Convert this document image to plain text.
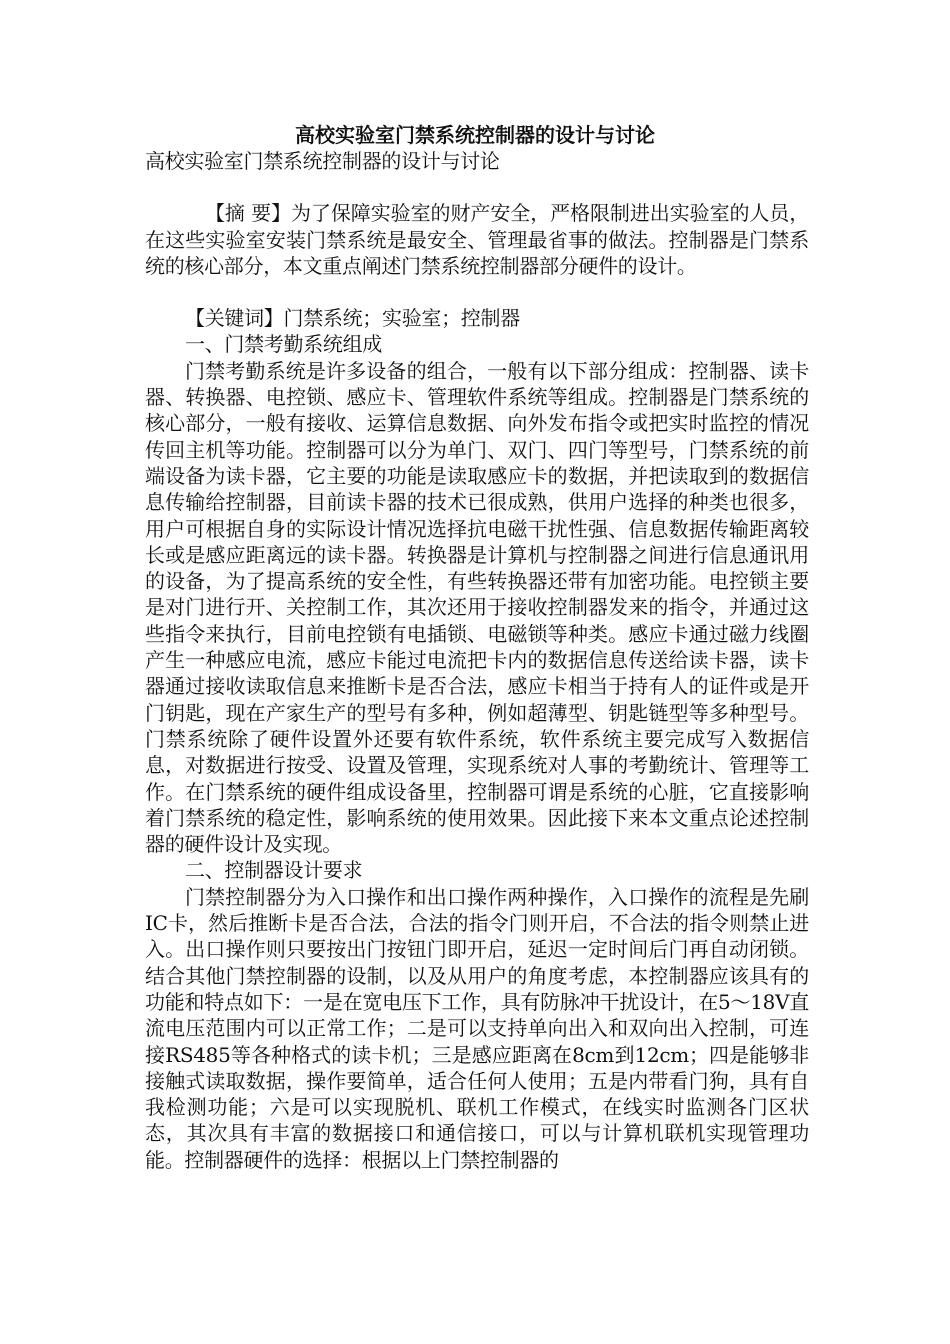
高校实验室门禁系统控制器的设计与讨论

高校实验室门禁系统控制器的设计与讨论

【摘 要】为了保障实验室的财产安全，严格限制进出实验室的人员，在这些实验室安装门禁系统是最安全、管理最省事的做法。控制器是门禁系统的核心部分，本文重点阐述门禁系统控制器部分硬件的设计。

【关键词】门禁系统；实验室；控制器

一、门禁考勤系统组成

门禁考勤系统是许多设备的组合，一般有以下部分组成：控制器、读卡器、转换器、电控锁、感应卡、管理软件系统等组成。控制器是门禁系统的核心部分，一般有接收、运算信息数据、向外发布指令或把实时监控的情况传回主机等功能。控制器可以分为单门、双门、四门等型号，门禁系统的前端设备为读卡器，它主要的功能是读取感应卡的数据，并把读取到的数据信息传输给控制器，目前读卡器的技术已很成熟，供用户选择的种类也很多，用户可根据自身的实际设计情况选择抗电磁干扰性强、信息数据传输距离较长或是感应距离远的读卡器。转换器是计算机与控制器之间进行信息通讯用的设备，为了提高系统的安全性，有些转换器还带有加密功能。电控锁主要是对门进行开、关控制工作，其次还用于接收控制器发来的指令，并通过这些指令来执行，目前电控锁有电插锁、电磁锁等种类。感应卡通过磁力线圈产生一种感应电流，感应卡能过电流把卡内的数据信息传送给读卡器，读卡器通过接收读取信息来推断卡是否合法，感应卡相当于持有人的证件或是开门钥匙，现在产家生产的型号有多种，例如超薄型、钥匙链型等多种型号。门禁系统除了硬件设置外还要有软件系统，软件系统主要完成写入数据信息，对数据进行按受、设置及管理，实现系统对人事的考勤统计、管理等工作。在门禁系统的硬件组成设备里，控制器可谓是系统的心脏，它直接影响着门禁系统的稳定性，影响系统的使用效果。因此接下来本文重点论述控制器的硬件设计及实现。

二、控制器设计要求

门禁控制器分为入口操作和出口操作两种操作，入口操作的流程是先刷IC卡，然后推断卡是否合法，合法的指令门则开启，不合法的指令则禁止进入。出口操作则只要按出门按钮门即开启，延迟一定时间后门再自动闭锁。结合其他门禁控制器的设制，以及从用户的角度考虑，本控制器应该具有的功能和特点如下：一是在宽电压下工作，具有防脉冲干扰设计，在5～18V直流电压范围内可以正常工作；二是可以支持单向出入和双向出入控制，可连接RS485等各种格式的读卡机；三是感应距离在8cm到12cm；四是能够非接触式读取数据，操作要简单，适合任何人使用；五是内带看门狗，具有自我检测功能；六是可以实现脱机、联机工作模式，在线实时监测各门区状态，其次具有丰富的数据接口和通信接口，可以与计算机联机实现管理功能。控制器硬件的选择：根据以上门禁控制器的
